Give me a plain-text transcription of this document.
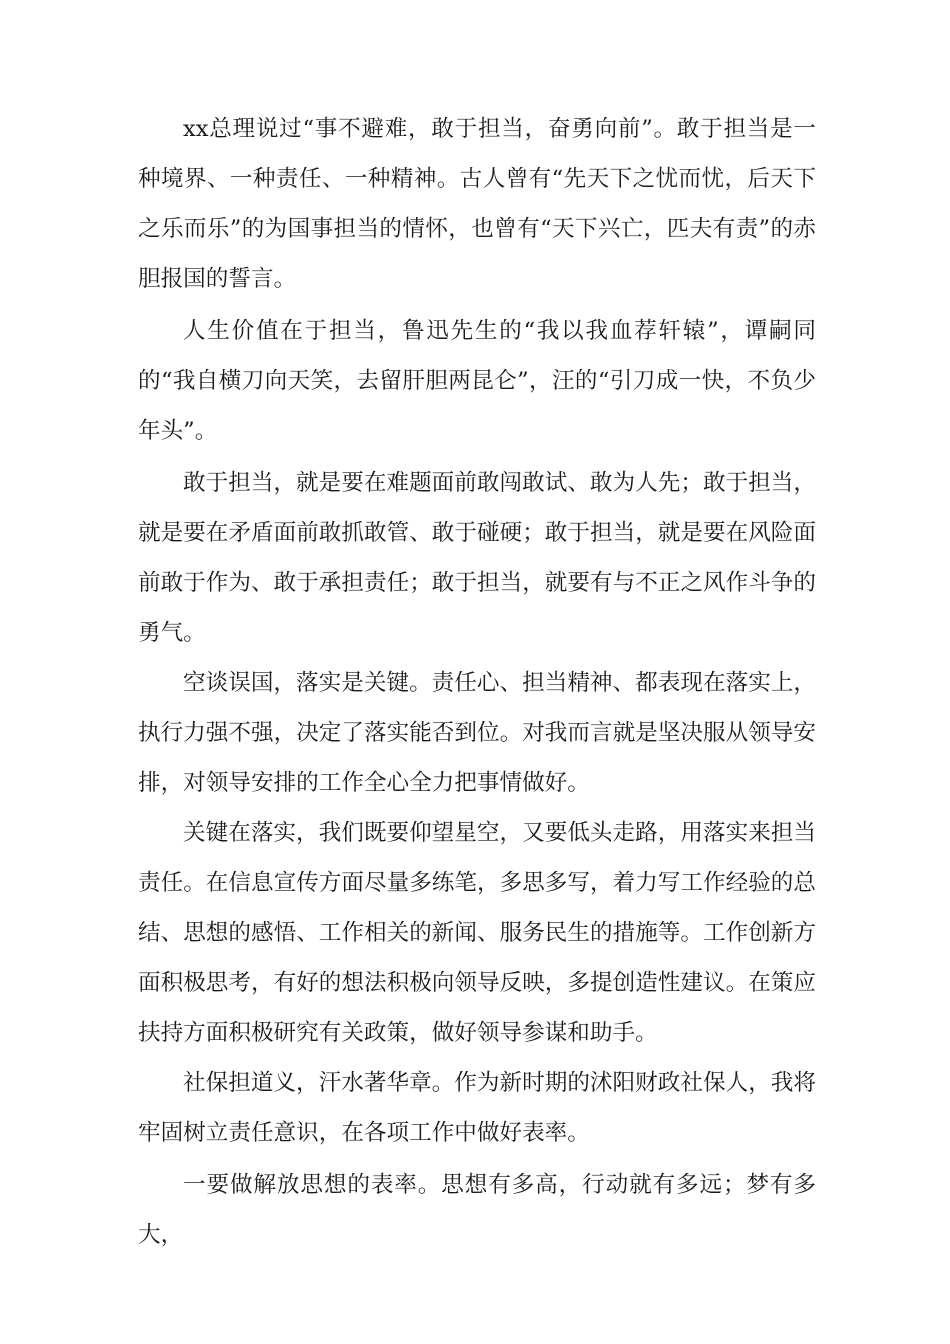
xx总理说过“事不避难，敢于担当，奋勇向前”。敢于担当是一种境界、一种责任、一种精神。古人曾有“先天下之忧而忧，后天下之乐而乐”的为国事担当的情怀，也曾有“天下兴亡，匹夫有责”的赤胆报国的誓言。

人生价值在于担当，鲁迅先生的“我以我血荐轩辕”，谭嗣同的“我自横刀向天笑，去留肝胆两昆仑”，汪的“引刀成一快，不负少年头”。

敢于担当，就是要在难题面前敢闯敢试、敢为人先；敢于担当，就是要在矛盾面前敢抓敢管、敢于碰硬；敢于担当，就是要在风险面前敢于作为、敢于承担责任；敢于担当，就要有与不正之风作斗争的勇气。

空谈误国，落实是关键。责任心、担当精神、都表现在落实上，执行力强不强，决定了落实能否到位。对我而言就是坚决服从领导安排，对领导安排的工作全心全力把事情做好。

关键在落实，我们既要仰望星空，又要低头走路，用落实来担当责任。在信息宣传方面尽量多练笔，多思多写，着力写工作经验的总结、思想的感悟、工作相关的新闻、服务民生的措施等。工作创新方面积极思考，有好的想法积极向领导反映，多提创造性建议。在策应扶持方面积极研究有关政策，做好领导参谋和助手。

社保担道义，汗水著华章。作为新时期的沭阳财政社保人，我将牢固树立责任意识，在各项工作中做好表率。

一要做解放思想的表率。思想有多高，行动就有多远；梦有多大，
